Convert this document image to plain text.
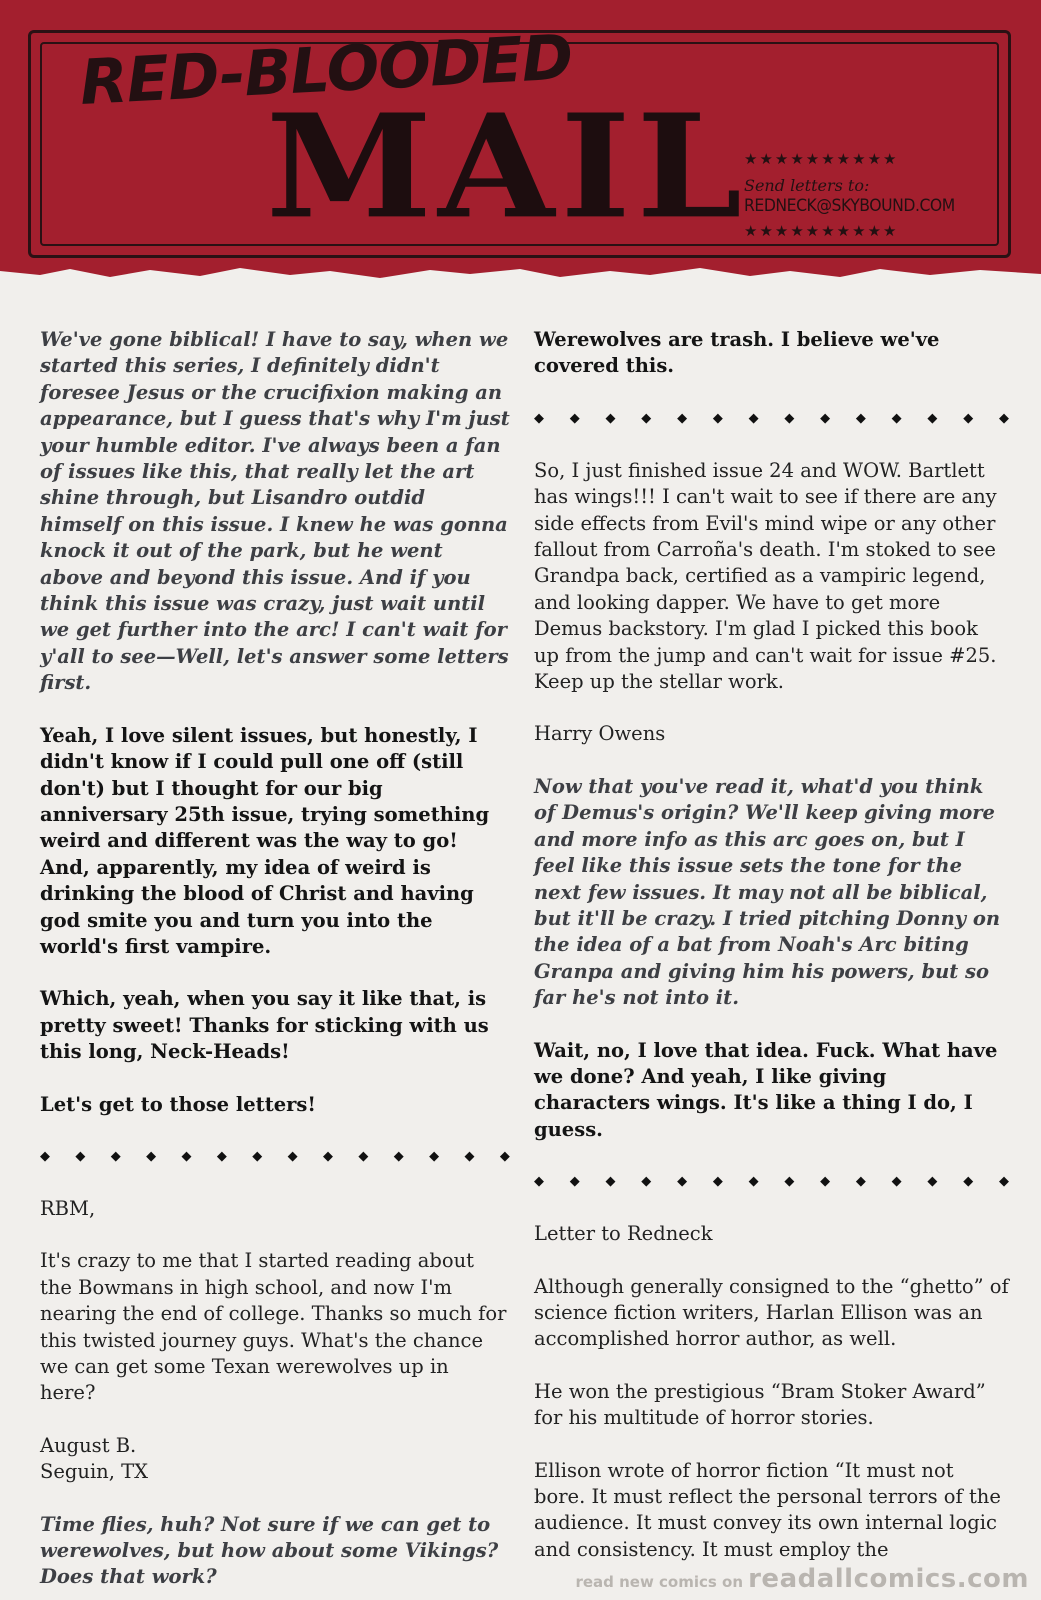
RED-BLOODED
MAIL
★★★★★★★★★★
Send letters to:
REDNECK@SKYBOUND.COM
★★★★★★★★★★

We've gone biblical! I have to say, when we started this series, I definitely didn't foresee Jesus or the crucifixion making an appearance, but I guess that's why I'm just your humble editor. I've always been a fan of issues like this, that really let the art shine through, but Lisandro outdid himself on this issue. I knew he was gonna knock it out of the park, but he went above and beyond this issue. And if you think this issue was crazy, just wait until we get further into the arc! I can't wait for y'all to see—Well, let's answer some letters first.

Yeah, I love silent issues, but honestly, I didn't know if I could pull one off (still don't) but I thought for our big anniversary 25th issue, trying something weird and different was the way to go! And, apparently, my idea of weird is drinking the blood of Christ and having god smite you and turn you into the world's first vampire.

Which, yeah, when you say it like that, is pretty sweet! Thanks for sticking with us this long, Neck-Heads!

Let's get to those letters!

◆ ◆ ◆ ◆ ◆ ◆ ◆ ◆ ◆ ◆ ◆ ◆ ◆ ◆

RBM,

It's crazy to me that I started reading about the Bowmans in high school, and now I'm nearing the end of college. Thanks so much for this twisted journey guys. What's the chance we can get some Texan werewolves up in here?

August B.

Seguin, TX

Time flies, huh? Not sure if we can get to werewolves, but how about some Vikings? Does that work?

Werewolves are trash. I believe we've covered this.

◆ ◆ ◆ ◆ ◆ ◆ ◆ ◆ ◆ ◆ ◆ ◆ ◆ ◆

So, I just finished issue 24 and WOW. Bartlett has wings!!! I can't wait to see if there are any side effects from Evil's mind wipe or any other fallout from Carroña's death. I'm stoked to see Grandpa back, certified as a vampiric legend, and looking dapper. We have to get more Demus backstory. I'm glad I picked this book up from the jump and can't wait for issue #25. Keep up the stellar work.

Harry Owens

Now that you've read it, what'd you think of Demus's origin? We'll keep giving more and more info as this arc goes on, but I feel like this issue sets the tone for the next few issues. It may not all be biblical, but it'll be crazy. I tried pitching Donny on the idea of a bat from Noah's Arc biting Granpa and giving him his powers, but so far he's not into it.

Wait, no, I love that idea. Fuck. What have we done? And yeah, I like giving characters wings. It's like a thing I do, I guess.

◆ ◆ ◆ ◆ ◆ ◆ ◆ ◆ ◆ ◆ ◆ ◆ ◆ ◆

Letter to Redneck

Although generally consigned to the “ghetto” of science fiction writers, Harlan Ellison was an accomplished horror author, as well.

He won the prestigious “Bram Stoker Award” for his multitude of horror stories.

Ellison wrote of horror fiction “It must not bore. It must reflect the personal terrors of the audience. It must convey its own internal logic and consistency. It must employ the

read new comics on readallcomics.com
